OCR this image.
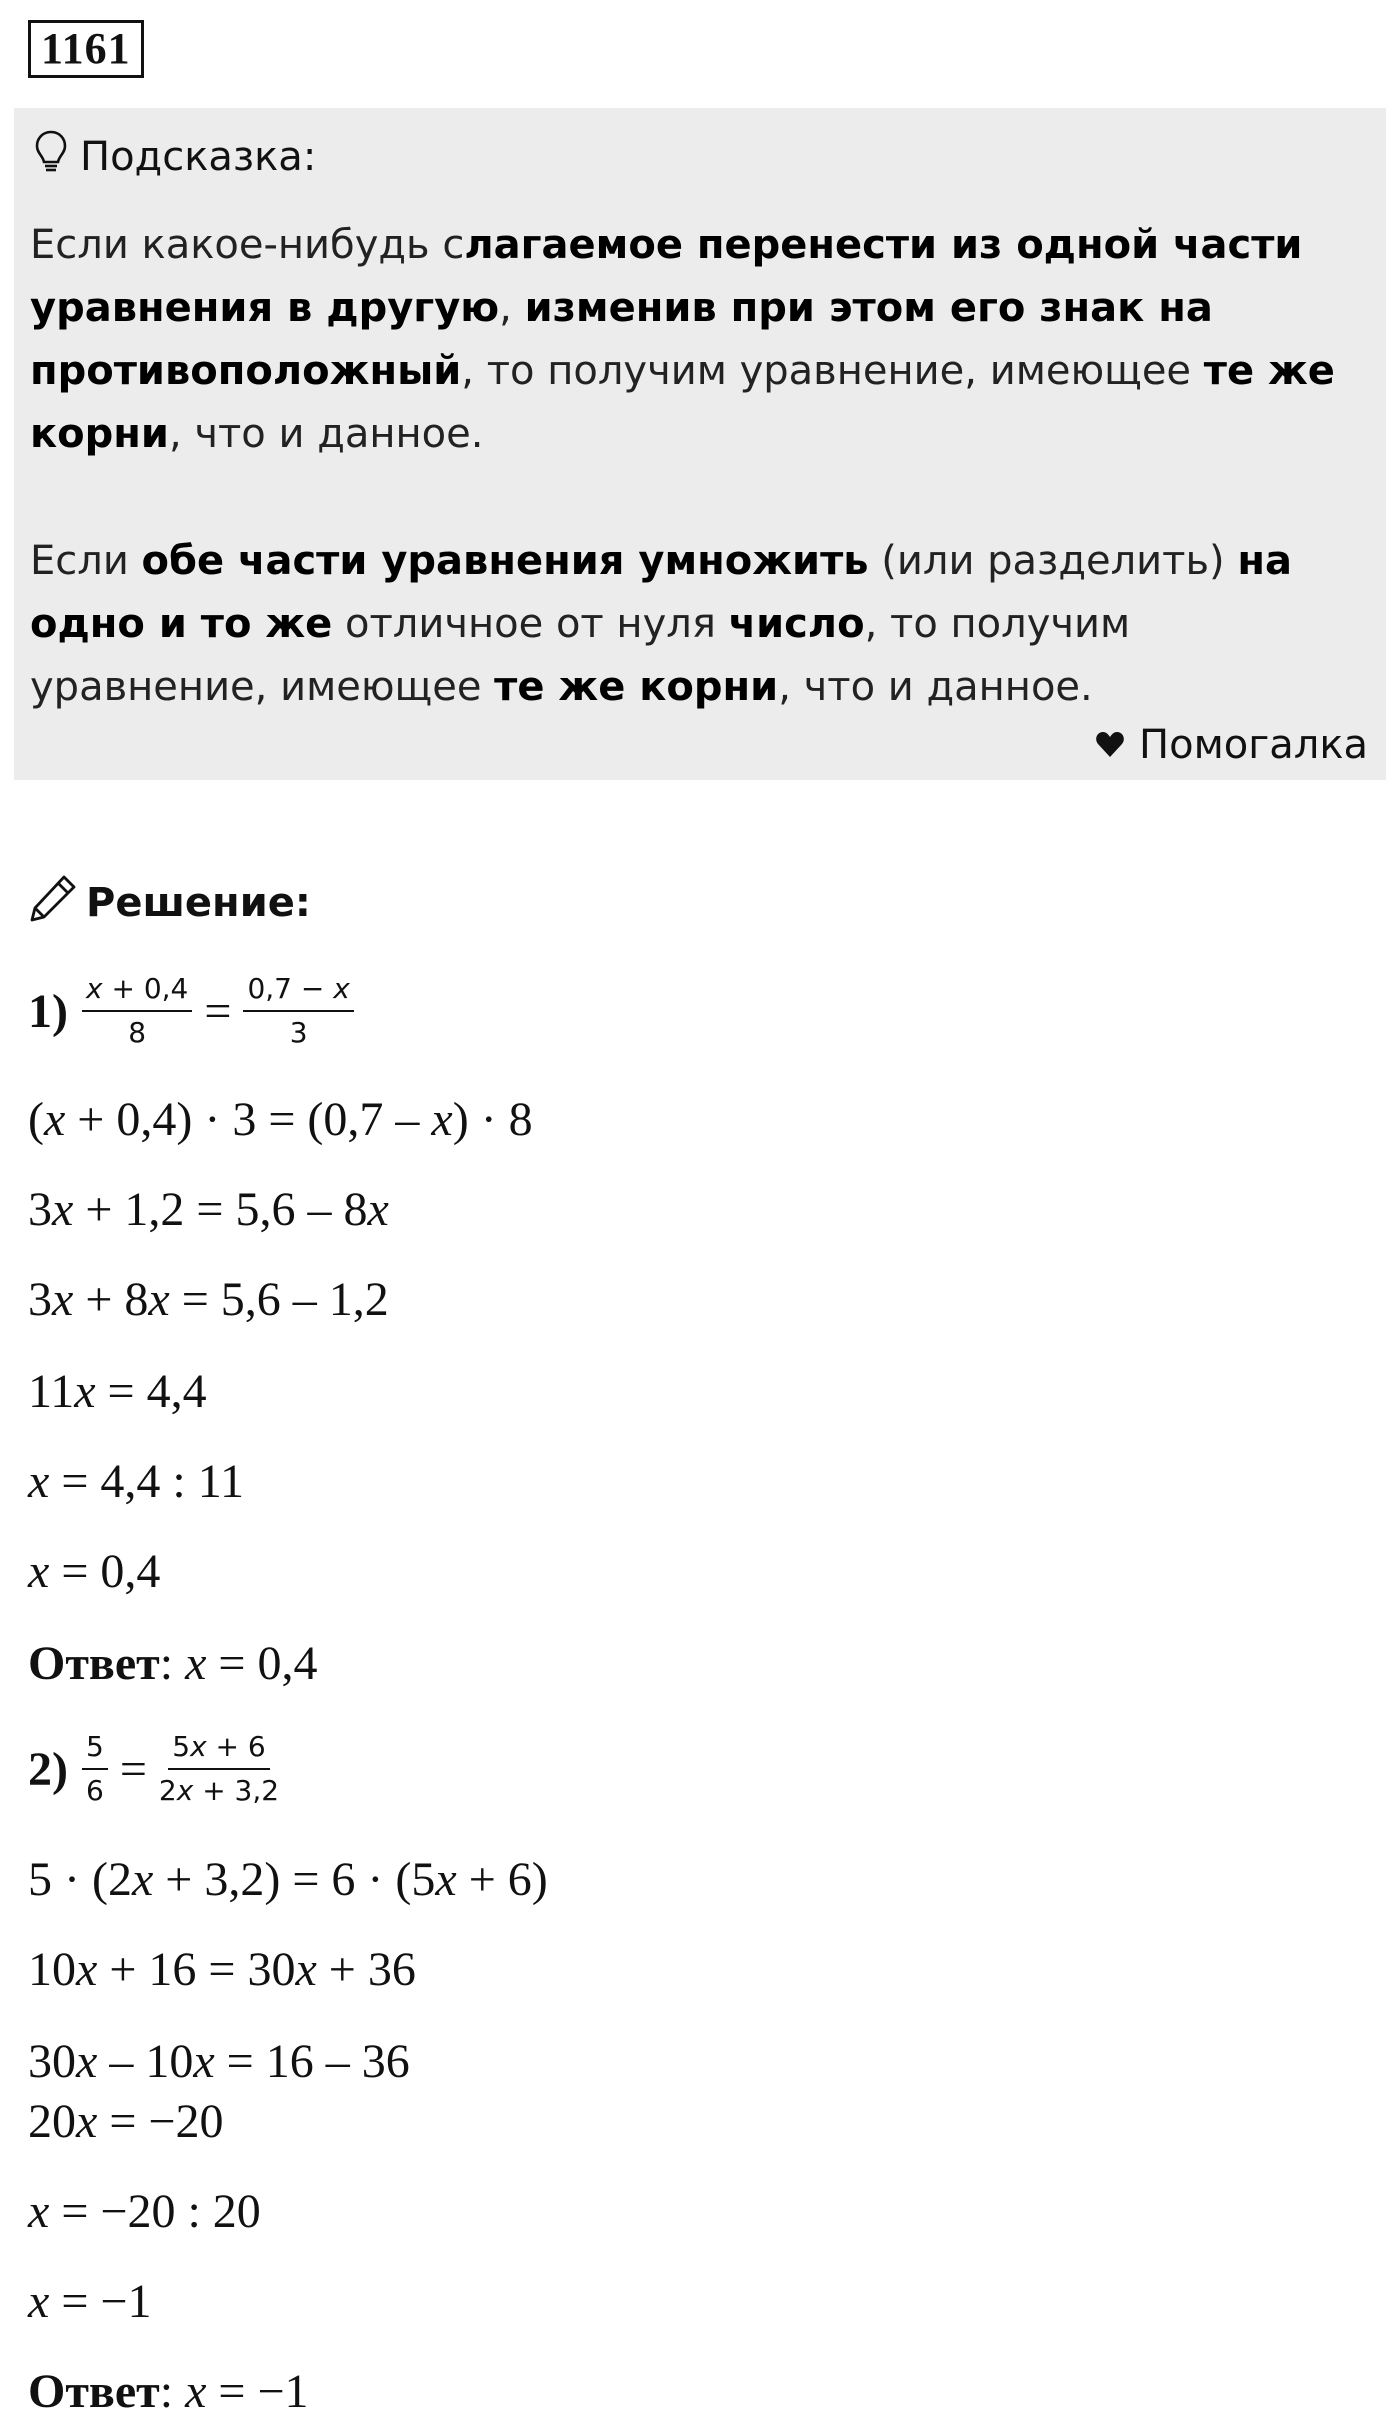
1161
Подсказка:

Если какое-нибудь слагаемое перенести из одной части уравнения в другую, изменив при этом его знак на противоположный, то получим уравнение, имеющее те же корни, что и данное.

Если обе части уравнения умножить (или разделить) на одно и то же отличное от нуля число, то получим уравнение, имеющее те же корни, что и данное.

Помогалка
Решение:
$1) \frac{x + 0,4}{8} = \frac{0,7 - x}{3}$
(x + 0,4) · 3 = (0,7 – x) · 8
3x + 1,2 = 5,6 – 8x
3x + 8x = 5,6 – 1,2
11x = 4,4
x = 4,4 : 11
x = 0,4
Ответ: x = 0,4
$2) \frac{5}{6} = \frac{5x + 6}{2x + 3,2}$
5 · (2x + 3,2) = 6 · (5x + 6)
10x + 16 = 30x + 36
30x – 10x = 16 – 36
20x = −20
x = −20 : 20
x = −1
Ответ: x = −1
